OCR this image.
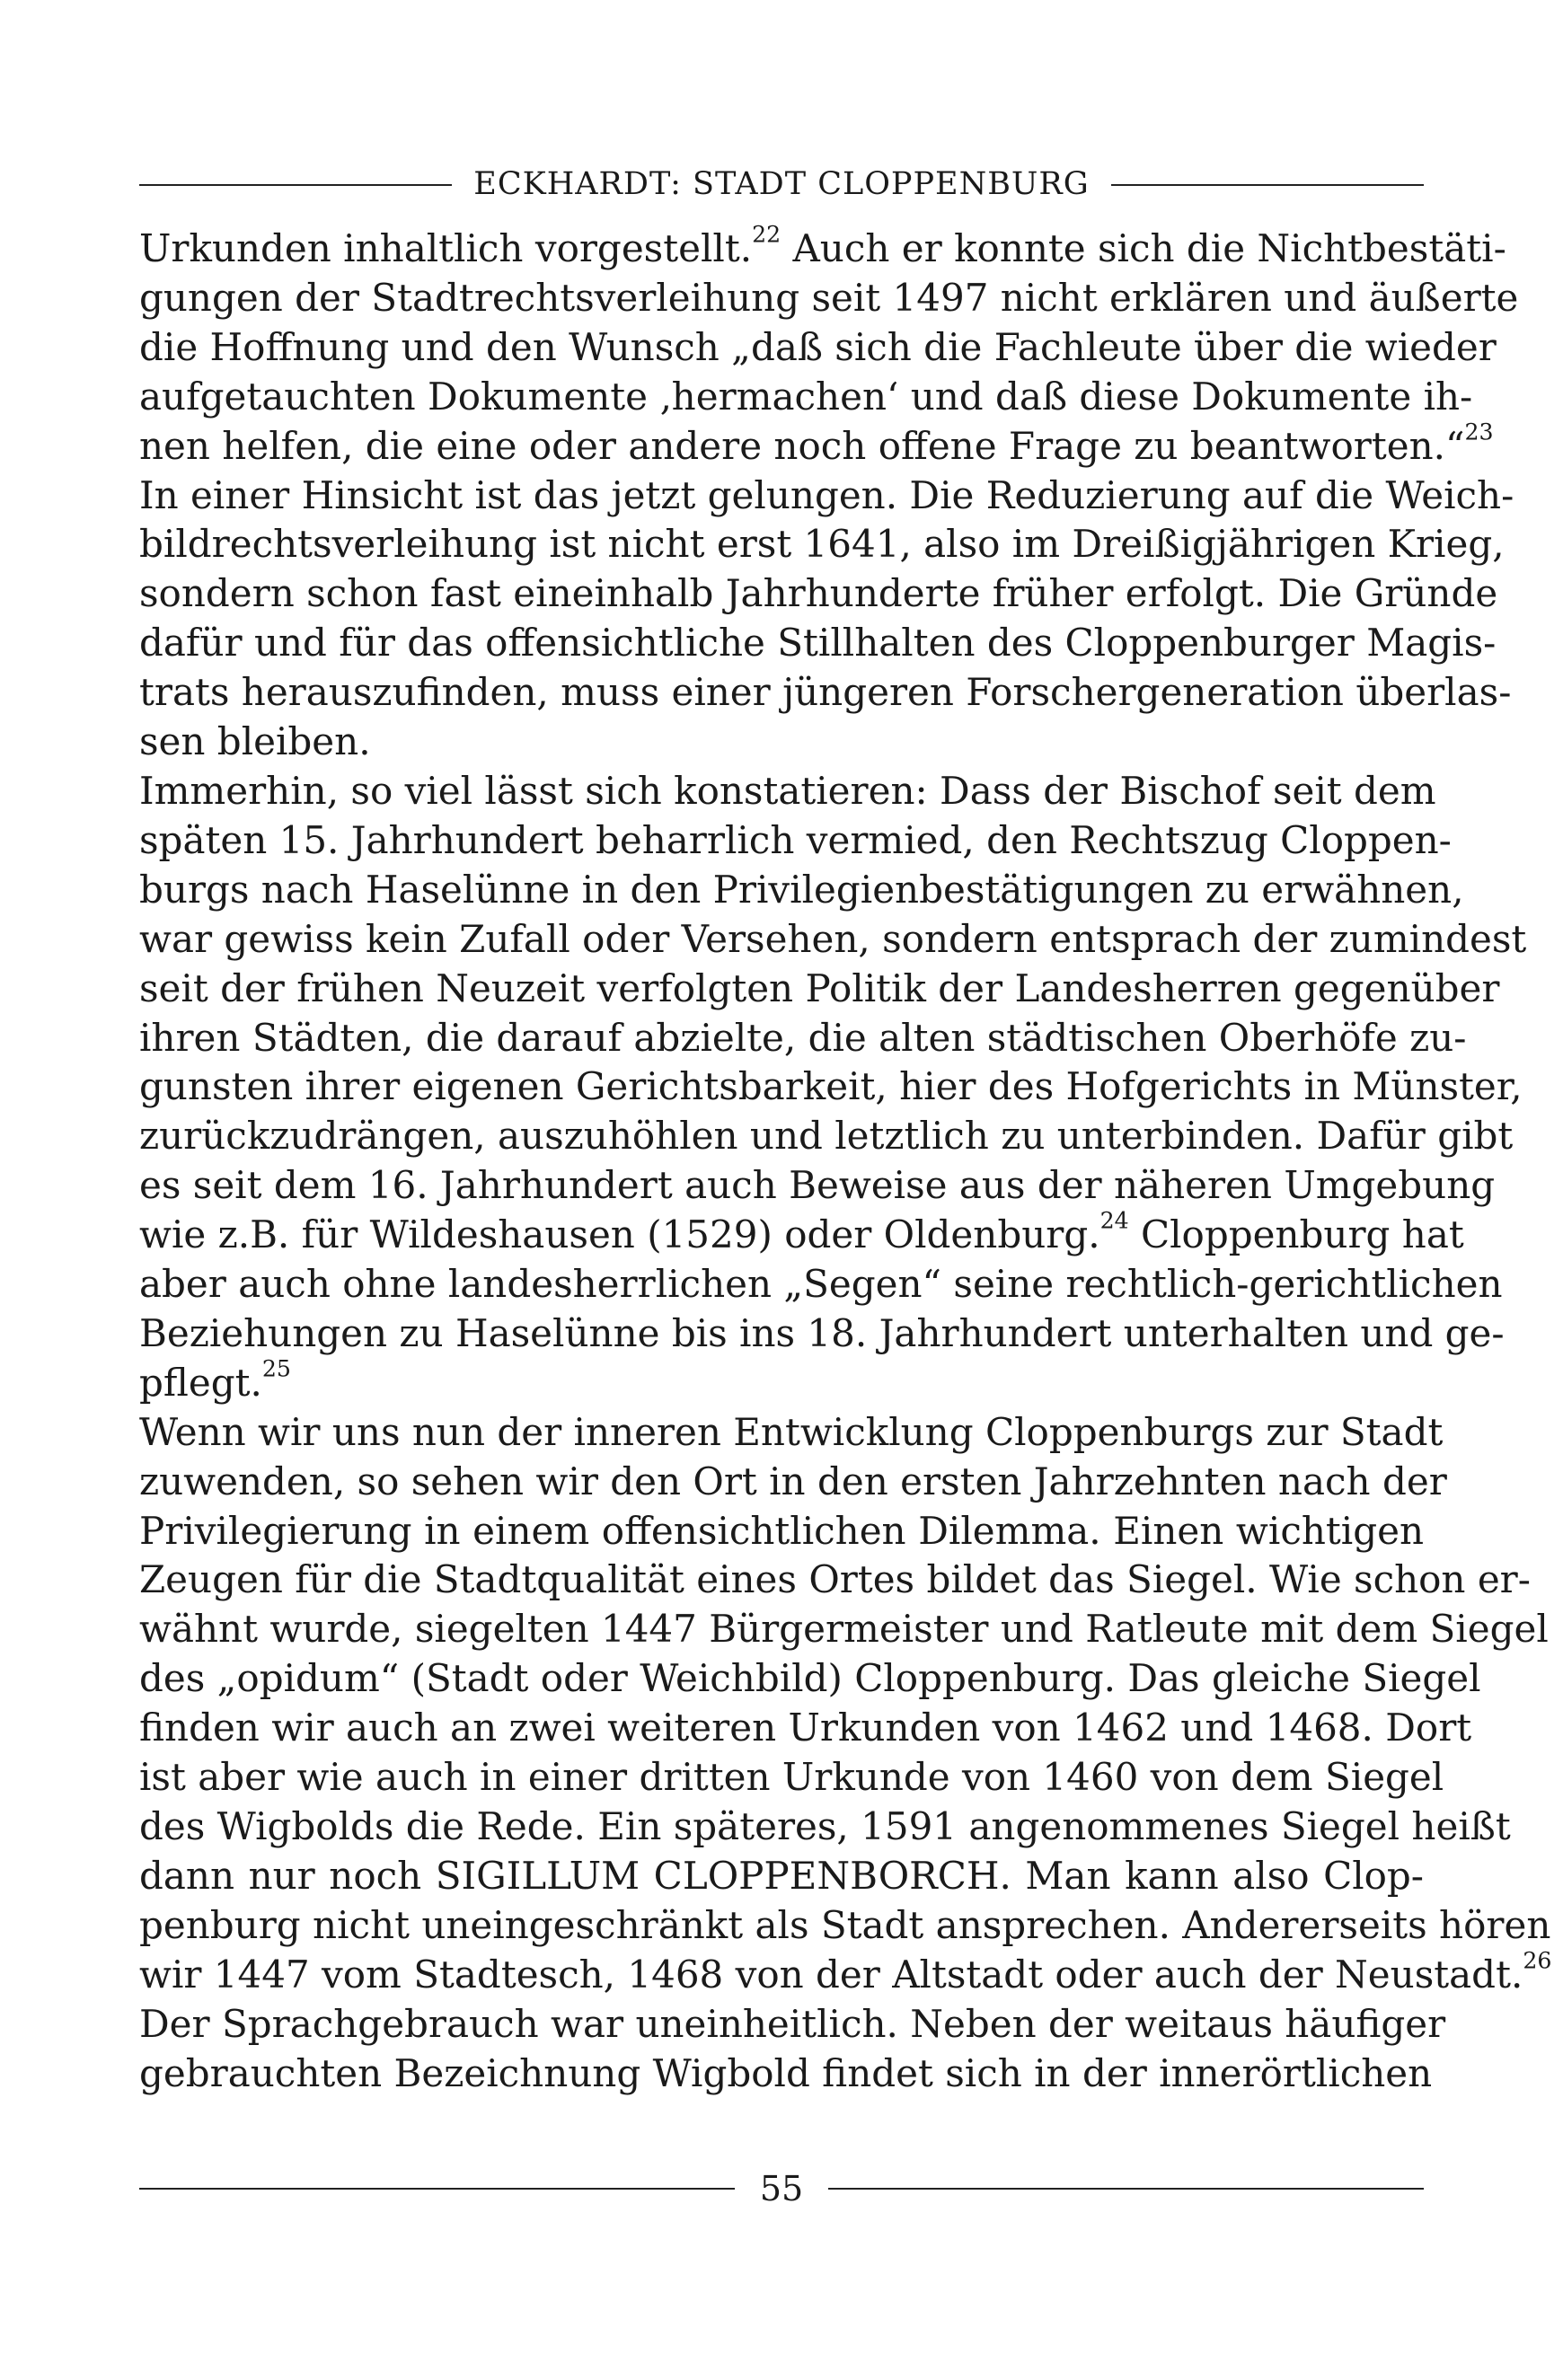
ECKHARDT: STADT CLOPPENBURG
Urkunden inhaltlich vorgestellt.$^{22}$ Auch er konnte sich die Nichtbestäti-
gungen der Stadtrechtsverleihung seit 1497 nicht erklären und äußerte
die Hoffnung und den Wunsch „daß sich die Fachleute über die wieder
aufgetauchten Dokumente ‚hermachen‘ und daß diese Dokumente ih-
nen helfen, die eine oder andere noch offene Frage zu beantworten.“$^{23}$
In einer Hinsicht ist das jetzt gelungen. Die Reduzierung auf die Weich-
bildrechtsverleihung ist nicht erst 1641, also im Dreißigjährigen Krieg,
sondern schon fast eineinhalb Jahrhunderte früher erfolgt. Die Gründe
dafür und für das offensichtliche Stillhalten des Cloppenburger Magis-
trats herauszufinden, muss einer jüngeren Forschergeneration überlas-
sen bleiben.
Immerhin, so viel lässt sich konstatieren: Dass der Bischof seit dem
späten 15. Jahrhundert beharrlich vermied, den Rechtszug Cloppen-
burgs nach Haselünne in den Privilegienbestätigungen zu erwähnen,
war gewiss kein Zufall oder Versehen, sondern entsprach der zumindest
seit der frühen Neuzeit verfolgten Politik der Landesherren gegenüber
ihren Städten, die darauf abzielte, die alten städtischen Oberhöfe zu-
gunsten ihrer eigenen Gerichtsbarkeit, hier des Hofgerichts in Münster,
zurückzudrängen, auszuhöhlen und letztlich zu unterbinden. Dafür gibt
es seit dem 16. Jahrhundert auch Beweise aus der näheren Umgebung
wie z.B. für Wildeshausen (1529) oder Oldenburg.$^{24}$ Cloppenburg hat
aber auch ohne landesherrlichen „Segen“ seine rechtlich-gerichtlichen
Beziehungen zu Haselünne bis ins 18. Jahrhundert unterhalten und ge-
pflegt.$^{25}$
Wenn wir uns nun der inneren Entwicklung Cloppenburgs zur Stadt
zuwenden, so sehen wir den Ort in den ersten Jahrzehnten nach der
Privilegierung in einem offensichtlichen Dilemma. Einen wichtigen
Zeugen für die Stadtqualität eines Ortes bildet das Siegel. Wie schon er-
wähnt wurde, siegelten 1447 Bürgermeister und Ratleute mit dem Siegel
des „opidum“ (Stadt oder Weichbild) Cloppenburg. Das gleiche Siegel
finden wir auch an zwei weiteren Urkunden von 1462 und 1468. Dort
ist aber wie auch in einer dritten Urkunde von 1460 von dem Siegel
des Wigbolds die Rede. Ein späteres, 1591 angenommenes Siegel heißt
dann nur noch SIGILLUM CLOPPENBORCH. Man kann also Clop-
penburg nicht uneingeschränkt als Stadt ansprechen. Andererseits hören
wir 1447 vom Stadtesch, 1468 von der Altstadt oder auch der Neustadt.$^{26}$
Der Sprachgebrauch war uneinheitlich. Neben der weitaus häufiger
gebrauchten Bezeichnung Wigbold findet sich in der innerörtlichen
55
